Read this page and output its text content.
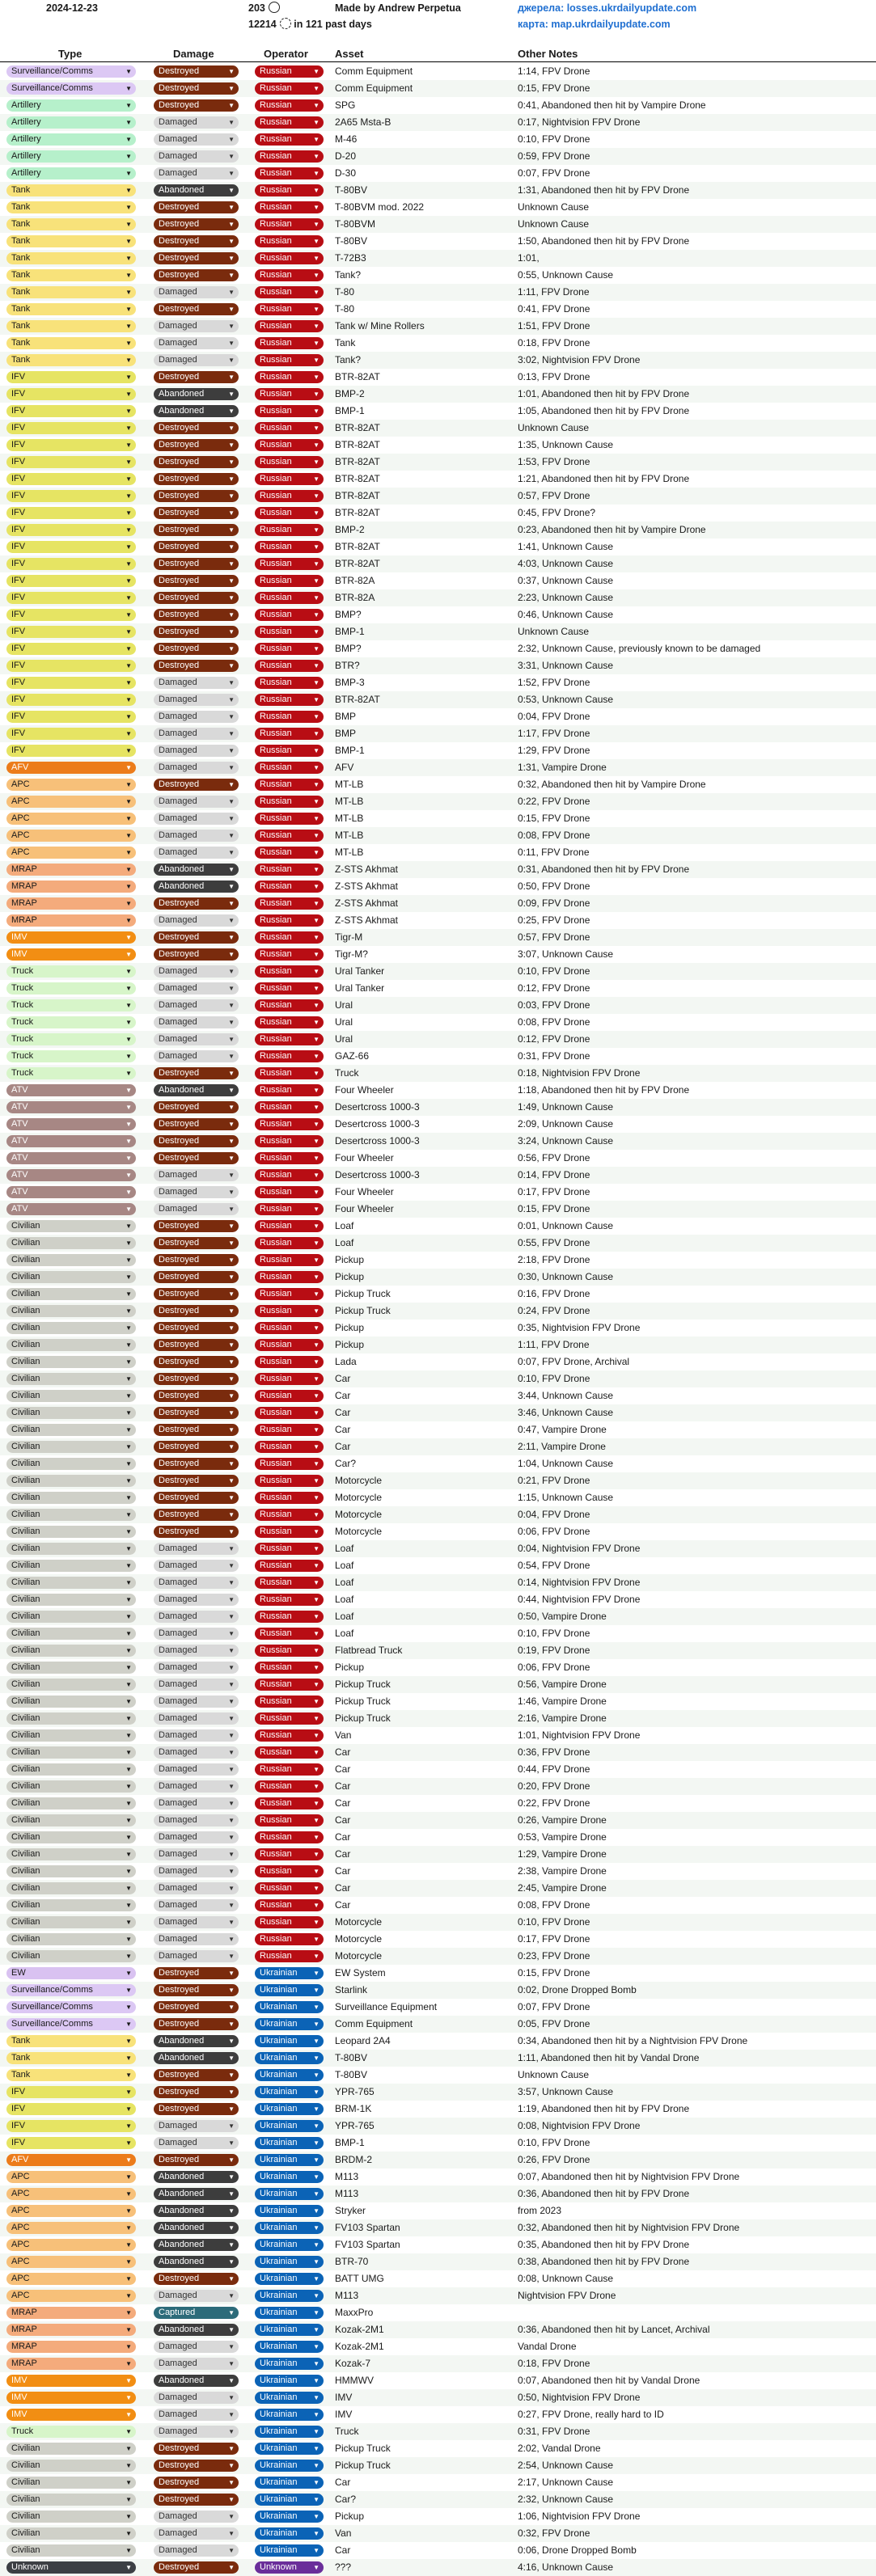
2024-12-23	203
12214 in 121 past days
Made by Andrew Perpetua	джерела: losses.ukrdailyupdate.com
карта: map.ukrdailyupdate.com
Type	Damage	Operator	Asset	Other Notes
Surveillance/Comms	▼	Destroyed	▼	Russian	▼ Comm Equipment	1:14, FPV Drone
Surveillance/Comms	▼	Destroyed	▼	Russian	▼ Comm Equipment	0:15, FPV Drone
Artillery	▼	Destroyed	▼	Russian	▼ SPG	0:41, Abandoned then hit by Vampire Drone
Artillery	▼	Damaged	▼	Russian	▼ 2A65 Msta-B	0:17, Nightvision FPV Drone
Artillery	▼	Damaged	▼	Russian	▼ M-46	0:10, FPV Drone
Artillery	▼	Damaged	▼	Russian	▼ D-20	0:59, FPV Drone
Artillery	▼	Damaged	▼	Russian	▼ D-30	0:07, FPV Drone
Tank	▼	Abandoned	▼	Russian	▼ T-80BV	1:31, Abandoned then hit by FPV Drone
Tank	▼	Destroyed	▼	Russian	▼ T-80BVM mod. 2022	Unknown Cause
Tank	▼	Destroyed	▼	Russian	▼ T-80BVM	Unknown Cause
Tank	▼	Destroyed	▼	Russian	▼ T-80BV	1:50, Abandoned then hit by FPV Drone
Tank	▼	Destroyed	▼	Russian	▼ T-72B3	1:01,
Tank	▼	Destroyed	▼	Russian	▼ Tank?	0:55, Unknown Cause
Tank	▼	Damaged	▼	Russian	▼ T-80	1:11, FPV Drone
Tank	▼	Destroyed	▼	Russian	▼ T-80	0:41, FPV Drone
Tank	▼	Damaged	▼	Russian	▼ Tank w/ Mine Rollers	1:51, FPV Drone
Tank	▼	Damaged	▼	Russian	▼ Tank	0:18, FPV Drone
Tank	▼	Damaged	▼	Russian	▼ Tank?	3:02, Nightvision FPV Drone
IFV	▼	Destroyed	▼	Russian	▼ BTR-82AT	0:13, FPV Drone
IFV	▼	Abandoned	▼	Russian	▼ BMP-2	1:01, Abandoned then hit by FPV Drone
IFV	▼	Abandoned	▼	Russian	▼ BMP-1	1:05, Abandoned then hit by FPV Drone
IFV	▼	Destroyed	▼	Russian	▼ BTR-82AT	Unknown Cause
IFV	▼	Destroyed	▼	Russian	▼ BTR-82AT	1:35, Unknown Cause
IFV	▼	Destroyed	▼	Russian	▼ BTR-82AT	1:53, FPV Drone
IFV	▼	Destroyed	▼	Russian	▼ BTR-82AT	1:21, Abandoned then hit by FPV Drone
IFV	▼	Destroyed	▼	Russian	▼ BTR-82AT	0:57, FPV Drone
IFV	▼	Destroyed	▼	Russian	▼ BTR-82AT	0:45, FPV Drone?
IFV	▼	Destroyed	▼	Russian	▼ BMP-2	0:23, Abandoned then hit by Vampire Drone
IFV	▼	Destroyed	▼	Russian	▼ BTR-82AT	1:41, Unknown Cause
IFV	▼	Destroyed	▼	Russian	▼ BTR-82AT	4:03, Unknown Cause
IFV	▼	Destroyed	▼	Russian	▼ BTR-82A	0:37, Unknown Cause
IFV	▼	Destroyed	▼	Russian	▼ BTR-82A	2:23, Unknown Cause
IFV	▼	Destroyed	▼	Russian	▼ BMP?	0:46, Unknown Cause
IFV	▼	Destroyed	▼	Russian	▼ BMP-1	Unknown Cause
IFV	▼	Destroyed	▼	Russian	▼ BMP?	2:32, Unknown Cause, previously known to be damaged
IFV	▼	Destroyed	▼	Russian	▼ BTR?	3:31, Unknown Cause
IFV	▼	Damaged	▼	Russian	▼ BMP-3	1:52, FPV Drone
IFV	▼	Damaged	▼	Russian	▼ BTR-82AT	0:53, Unknown Cause
IFV	▼	Damaged	▼	Russian	▼ BMP	0:04, FPV Drone
IFV	▼	Damaged	▼	Russian	▼ BMP	1:17, FPV Drone
IFV	▼	Damaged	▼	Russian	▼ BMP-1	1:29, FPV Drone
AFV	▼	Damaged	▼	Russian	▼ AFV	1:31, Vampire Drone
APC	▼	Destroyed	▼	Russian	▼ MT-LB	0:32, Abandoned then hit by Vampire Drone
APC	▼	Damaged	▼	Russian	▼ MT-LB	0:22, FPV Drone
APC	▼	Damaged	▼	Russian	▼ MT-LB	0:15, FPV Drone
APC	▼	Damaged	▼	Russian	▼ MT-LB	0:08, FPV Drone
APC	▼	Damaged	▼	Russian	▼ MT-LB	0:11, FPV Drone
MRAP	▼	Abandoned	▼	Russian	▼ Z-STS Akhmat	0:31, Abandoned then hit by FPV Drone
MRAP	▼	Abandoned	▼	Russian	▼ Z-STS Akhmat	0:50, FPV Drone
MRAP	▼	Destroyed	▼	Russian	▼ Z-STS Akhmat	0:09, FPV Drone
MRAP	▼	Damaged	▼	Russian	▼ Z-STS Akhmat	0:25, FPV Drone
IMV	▼	Destroyed	▼	Russian	▼ Tigr-M	0:57, FPV Drone
IMV	▼	Destroyed	▼	Russian	▼ Tigr-M?	3:07, Unknown Cause
Truck	▼	Damaged	▼	Russian	▼ Ural Tanker	0:10, FPV Drone
Truck	▼	Damaged	▼	Russian	▼ Ural Tanker	0:12, FPV Drone
Truck	▼	Damaged	▼	Russian	▼ Ural	0:03, FPV Drone
Truck	▼	Damaged	▼	Russian	▼ Ural	0:08, FPV Drone
Truck	▼	Damaged	▼	Russian	▼ Ural	0:12, FPV Drone
Truck	▼	Damaged	▼	Russian	▼ GAZ-66	0:31, FPV Drone
Truck	▼	Destroyed	▼	Russian	▼ Truck	0:18, Nightvision FPV Drone
ATV	▼	Abandoned	▼	Russian	▼ Four Wheeler	1:18, Abandoned then hit by FPV Drone
ATV	▼	Destroyed	▼	Russian	▼ Desertcross 1000-3	1:49, Unknown Cause
ATV	▼	Destroyed	▼	Russian	▼ Desertcross 1000-3	2:09, Unknown Cause
ATV	▼	Destroyed	▼	Russian	▼ Desertcross 1000-3	3:24, Unknown Cause
ATV	▼	Destroyed	▼	Russian	▼ Four Wheeler	0:56, FPV Drone
ATV	▼	Damaged	▼	Russian	▼ Desertcross 1000-3	0:14, FPV Drone
ATV	▼	Damaged	▼	Russian	▼ Four Wheeler	0:17, FPV Drone
ATV	▼	Damaged	▼	Russian	▼ Four Wheeler	0:15, FPV Drone
Civilian	▼	Destroyed	▼	Russian	▼ Loaf	0:01, Unknown Cause
Civilian	▼	Destroyed	▼	Russian	▼ Loaf	0:55, FPV Drone
Civilian	▼	Destroyed	▼	Russian	▼ Pickup	2:18, FPV Drone
Civilian	▼	Destroyed	▼	Russian	▼ Pickup	0:30, Unknown Cause
Civilian	▼	Destroyed	▼	Russian	▼ Pickup Truck	0:16, FPV Drone
Civilian	▼	Destroyed	▼	Russian	▼ Pickup Truck	0:24, FPV Drone
Civilian	▼	Destroyed	▼	Russian	▼ Pickup	0:35, Nightvision FPV Drone
Civilian	▼	Destroyed	▼	Russian	▼ Pickup	1:11, FPV Drone
Civilian	▼	Destroyed	▼	Russian	▼ Lada	0:07, FPV Drone, Archival
Civilian	▼	Destroyed	▼	Russian	▼ Car	0:10, FPV Drone
Civilian	▼	Destroyed	▼	Russian	▼ Car	3:44, Unknown Cause
Civilian	▼	Destroyed	▼	Russian	▼ Car	3:46, Unknown Cause
Civilian	▼	Destroyed	▼	Russian	▼ Car	0:47, Vampire Drone
Civilian	▼	Destroyed	▼	Russian	▼ Car	2:11, Vampire Drone
Civilian	▼	Destroyed	▼	Russian	▼ Car?	1:04, Unknown Cause
Civilian	▼	Destroyed	▼	Russian	▼ Motorcycle	0:21, FPV Drone
Civilian	▼	Destroyed	▼	Russian	▼ Motorcycle	1:15, Unknown Cause
Civilian	▼	Destroyed	▼	Russian	▼ Motorcycle	0:04, FPV Drone
Civilian	▼	Destroyed	▼	Russian	▼ Motorcycle	0:06, FPV Drone
Civilian	▼	Damaged	▼	Russian	▼ Loaf	0:04, Nightvision FPV Drone
Civilian	▼	Damaged	▼	Russian	▼ Loaf	0:54, FPV Drone
Civilian	▼	Damaged	▼	Russian	▼ Loaf	0:14, Nightvision FPV Drone
Civilian	▼	Damaged	▼	Russian	▼ Loaf	0:44, Nightvision FPV Drone
Civilian	▼	Damaged	▼	Russian	▼ Loaf	0:50, Vampire Drone
Civilian	▼	Damaged	▼	Russian	▼ Loaf	0:10, FPV Drone
Civilian	▼	Damaged	▼	Russian	▼ Flatbread Truck	0:19, FPV Drone
Civilian	▼	Damaged	▼	Russian	▼ Pickup	0:06, FPV Drone
Civilian	▼	Damaged	▼	Russian	▼ Pickup Truck	0:56, Vampire Drone
Civilian	▼	Damaged	▼	Russian	▼ Pickup Truck	1:46, Vampire Drone
Civilian	▼	Damaged	▼	Russian	▼ Pickup Truck	2:16, Vampire Drone
Civilian	▼	Damaged	▼	Russian	▼ Van	1:01, Nightvision FPV Drone
Civilian	▼	Damaged	▼	Russian	▼ Car	0:36, FPV Drone
Civilian	▼	Damaged	▼	Russian	▼ Car	0:44, FPV Drone
Civilian	▼	Damaged	▼	Russian	▼ Car	0:20, FPV Drone
Civilian	▼	Damaged	▼	Russian	▼ Car	0:22, FPV Drone
Civilian	▼	Damaged	▼	Russian	▼ Car	0:26, Vampire Drone
Civilian	▼	Damaged	▼	Russian	▼ Car	0:53, Vampire Drone
Civilian	▼	Damaged	▼	Russian	▼ Car	1:29, Vampire Drone
Civilian	▼	Damaged	▼	Russian	▼ Car	2:38, Vampire Drone
Civilian	▼	Damaged	▼	Russian	▼ Car	2:45, Vampire Drone
Civilian	▼	Damaged	▼	Russian	▼ Car	0:08, FPV Drone
Civilian	▼	Damaged	▼	Russian	▼ Motorcycle	0:10, FPV Drone
Civilian	▼	Damaged	▼	Russian	▼ Motorcycle	0:17, FPV Drone
Civilian	▼	Damaged	▼	Russian	▼ Motorcycle	0:23, FPV Drone
EW	▼	Destroyed	▼	Ukrainian ▼ EW System	0:15, FPV Drone
Surveillance/Comms	▼	Destroyed	▼	Ukrainian ▼ Starlink	0:02, Drone Dropped Bomb
Surveillance/Comms	▼	Destroyed	▼	Ukrainian ▼ Surveillance Equipment	0:07, FPV Drone
Surveillance/Comms	▼	Destroyed	▼	Ukrainian ▼ Comm Equipment	0:05, FPV Drone
Tank	▼	Abandoned	▼	Ukrainian ▼ Leopard 2A4	0:34, Abandoned then hit by a Nightvision FPV Drone
Tank	▼	Abandoned	▼	Ukrainian ▼ T-80BV	1:11, Abandoned then hit by Vandal Drone
Tank	▼	Destroyed	▼	Ukrainian ▼ T-80BV	Unknown Cause
IFV	▼	Destroyed	▼	Ukrainian ▼ YPR-765	3:57, Unknown Cause
IFV	▼	Destroyed	▼	Ukrainian ▼ BRM-1K	1:19, Abandoned then hit by FPV Drone
IFV	▼	Damaged	▼	Ukrainian ▼ YPR-765	0:08, Nightvision FPV Drone
IFV	▼	Damaged	▼	Ukrainian ▼ BMP-1	0:10, FPV Drone
AFV	▼	Destroyed	▼	Ukrainian ▼ BRDM-2	0:26, FPV Drone
APC	▼	Abandoned	▼	Ukrainian ▼ M113	0:07, Abandoned then hit by Nightvision FPV Drone
APC	▼	Abandoned	▼	Ukrainian ▼ M113	0:36, Abandoned then hit by FPV Drone
APC	▼	Abandoned	▼	Ukrainian ▼ Stryker	from 2023
APC	▼	Abandoned	▼	Ukrainian ▼ FV103 Spartan	0:32, Abandoned then hit by Nightvision FPV Drone
APC	▼	Abandoned	▼	Ukrainian ▼ FV103 Spartan	0:35, Abandoned then hit by FPV Drone
APC	▼	Abandoned	▼	Ukrainian ▼ BTR-70	0:38, Abandoned then hit by FPV Drone
APC	▼	Destroyed	▼	Ukrainian ▼ BATT UMG	0:08, Unknown Cause
APC	▼	Damaged	▼	Ukrainian ▼ M113	Nightvision FPV Drone
MRAP	▼	Captured	▼	Ukrainian ▼ MaxxPro
MRAP	▼	Abandoned	▼	Ukrainian ▼ Kozak-2M1	0:36, Abandoned then hit by Lancet, Archival
MRAP	▼	Damaged	▼	Ukrainian ▼ Kozak-2M1	Vandal Drone
MRAP	▼	Damaged	▼	Ukrainian ▼ Kozak-7	0:18, FPV Drone
IMV	▼	Abandoned	▼	Ukrainian ▼ HMMWV	0:07, Abandoned then hit by Vandal Drone
IMV	▼	Damaged	▼	Ukrainian ▼ IMV	0:50, Nightvision FPV Drone
IMV	▼	Damaged	▼	Ukrainian ▼ IMV	0:27, FPV Drone, really hard to ID
Truck	▼	Damaged	▼	Ukrainian ▼ Truck	0:31, FPV Drone
Civilian	▼	Destroyed	▼	Ukrainian ▼ Pickup Truck	2:02, Vandal Drone
Civilian	▼	Destroyed	▼	Ukrainian ▼ Pickup Truck	2:54, Unknown Cause
Civilian	▼	Destroyed	▼	Ukrainian ▼ Car	2:17, Unknown Cause
Civilian	▼	Destroyed	▼	Ukrainian ▼ Car?	2:32, Unknown Cause
Civilian	▼	Damaged	▼	Ukrainian ▼ Pickup	1:06, Nightvision FPV Drone
Civilian	▼	Damaged	▼	Ukrainian ▼ Van	0:32, FPV Drone
Civilian	▼	Damaged	▼	Ukrainian ▼ Car	0:06, Drone Dropped Bomb
Unknown	▼	Destroyed	▼	Unknown	▼ ???	4:16, Unknown Cause
